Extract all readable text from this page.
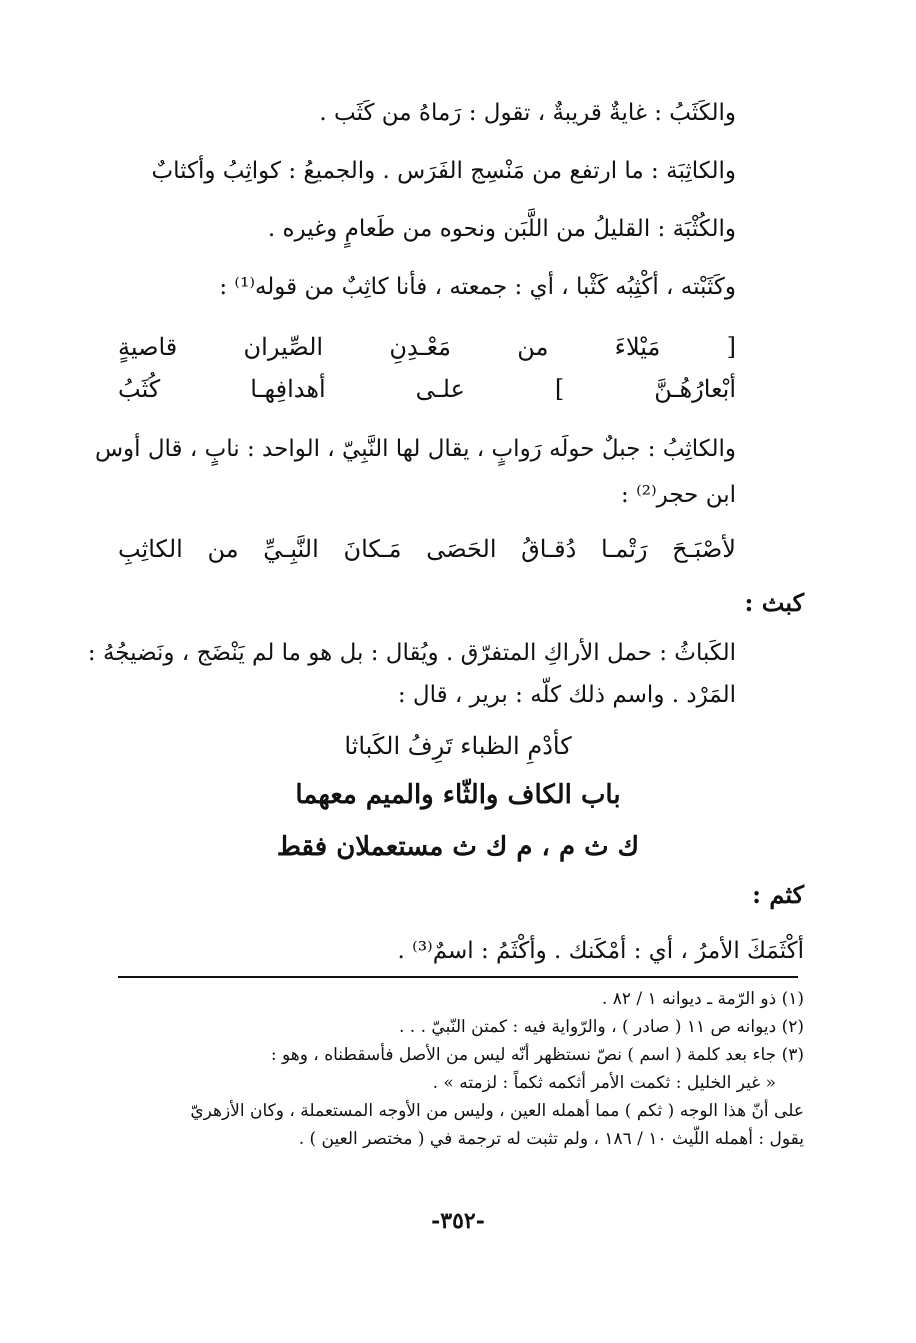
والكَثَبُ : غايةٌ قريبةٌ ، تقول : رَماهُ من كَثَب .
والكاثِبَة : ما ارتفع من مَنْسِج الفَرَس . والجميعُ : كواثِبُ وأكثابٌ
والكُثْبَة : القليلُ من اللَّبَن ونحوه من طَعامٍ وغيره .
وكَثَبْته ، أكْثِبُه كَثْبا ، أي : جمعته ، فأنا كاثِبٌ من قوله⁽¹⁾ :
[ مَيْلاءَ من مَعْـدِنِ الصِّيران قاصيةٍ
أبْعارُهُـنَّ ] علـى أهدافِهـا كُثَبُ
والكاثِبُ : جبلٌ حولَه رَوابٍ ، يقال لها النَّبِيّ ، الواحد : نابٍ ، قال أوس
ابن حجر⁽²⁾ :
لأصْبَـحَ رَتْمـا دُقـاقُ الحَصَى مَـكانَ النَّبِـيِّ من الكاثِبِ
كبث :
الكَباثُ : حمل الأراكِ المتفرّق . ويُقال : بل هو ما لم يَنْضَج ، ونَضيجُهُ :
المَرْد . واسم ذلك كلّه : برير ، قال :
كأدْمِ الظباء تَرِفُ الكَباثا
باب الكاف والثّاء والميم معهما
ك ث م ، م ك ث مستعملان فقط
كثم :
أكْثَمَكَ الأمرُ ، أي : أمْكَنك . وأكْثَمُ : اسمٌ⁽³⁾ .
(١) ذو الرّمة ـ ديوانه ١ / ٨٢ .
(٢) ديوانه ص ١١ ( صادر ) ، والرّواية فيه : كمتن النّبيّ . . .
(٣) جاء بعد كلمة ( اسم ) نصّ نستظهر أنّه ليس من الأصل فأسقطناه ، وهو :
« غير الخليل : ثكمت الأمر أثكمه ثكماً : لزمته » .
على أنّ هذا الوجه ( ثكم ) مما أهمله العين ، وليس من الأوجه المستعملة ، وكان الأزهريّ
يقول : أهمله اللّيث ١٠ / ١٨٦ ، ولم تثبت له ترجمة في ( مختصر العين ) .
-٣٥٢-
